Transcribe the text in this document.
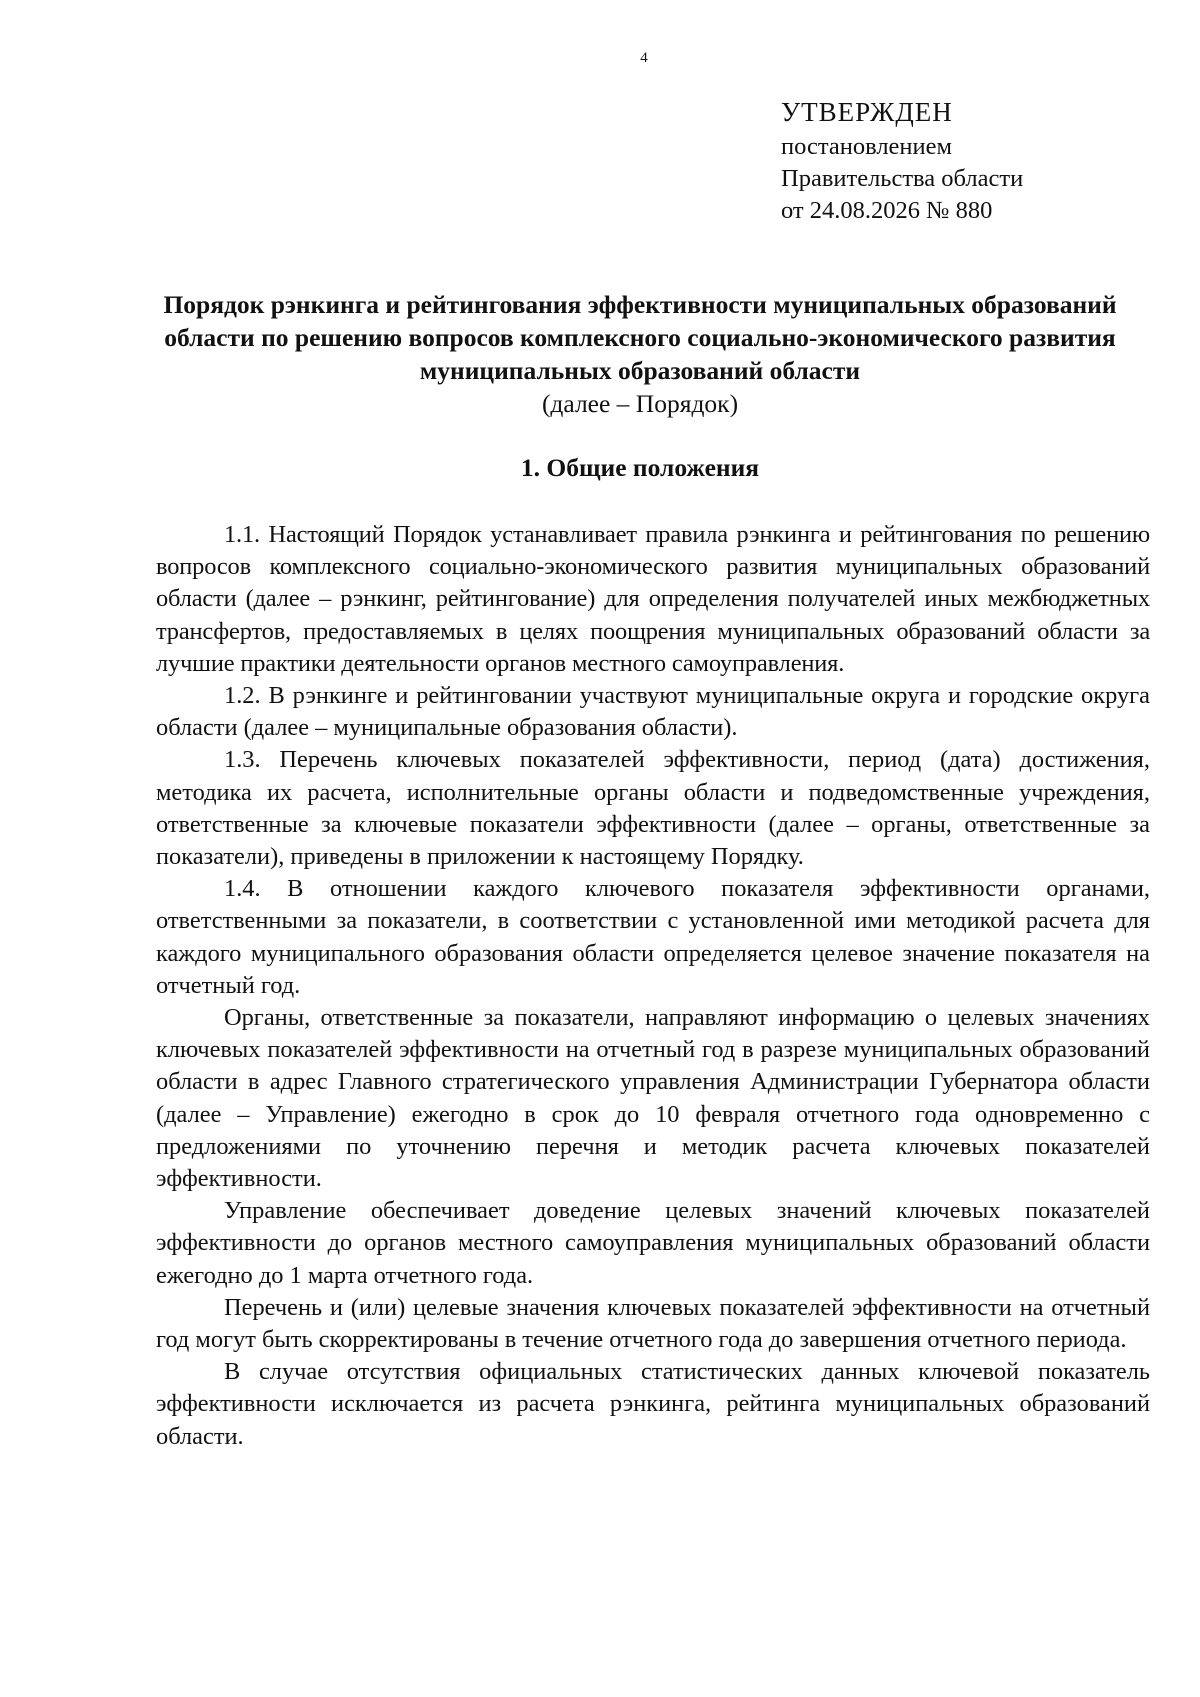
4
УТВЕРЖДЕН
постановлением
Правительства области
от 24.08.2026 № 880
Порядок рэнкинга и рейтингования эффективности муниципальных образований области по решению вопросов комплексного социально-экономического развития муниципальных образований области
(далее – Порядок)
1. Общие положения

1.1. Настоящий Порядок устанавливает правила рэнкинга и рейтингования по решению вопросов комплексного социально-экономического развития муниципальных образований области (далее – рэнкинг, рейтингование) для определения получателей иных межбюджетных трансфертов, предоставляемых в целях поощрения муниципальных образований области за лучшие практики деятельности органов местного самоуправления.

1.2. В рэнкинге и рейтинговании участвуют муниципальные округа и городские округа области (далее – муниципальные образования области).

1.3. Перечень ключевых показателей эффективности, период (дата) достижения, методика их расчета, исполнительные органы области и подведомственные учреждения, ответственные за ключевые показатели эффективности (далее – органы, ответственные за показатели), приведены в приложении к настоящему Порядку.

1.4. В отношении каждого ключевого показателя эффективности органами, ответственными за показатели, в соответствии с установленной ими методикой расчета для каждого муниципального образования области определяется целевое значение показателя на отчетный год.

Органы, ответственные за показатели, направляют информацию о целевых значениях ключевых показателей эффективности на отчетный год в разрезе муниципальных образований области в адрес Главного стратегического управления Администрации Губернатора области (далее – Управление) ежегодно в срок до 10 февраля отчетного года одновременно с предложениями по уточнению перечня и методик расчета ключевых показателей эффективности.

Управление обеспечивает доведение целевых значений ключевых показателей эффективности до органов местного самоуправления муниципальных образований области ежегодно до 1 марта отчетного года.

Перечень и (или) целевые значения ключевых показателей эффективности на отчетный год могут быть скорректированы в течение отчетного года до завершения отчетного периода.

В случае отсутствия официальных статистических данных ключевой показатель эффективности исключается из расчета рэнкинга, рейтинга муниципальных образований области.
